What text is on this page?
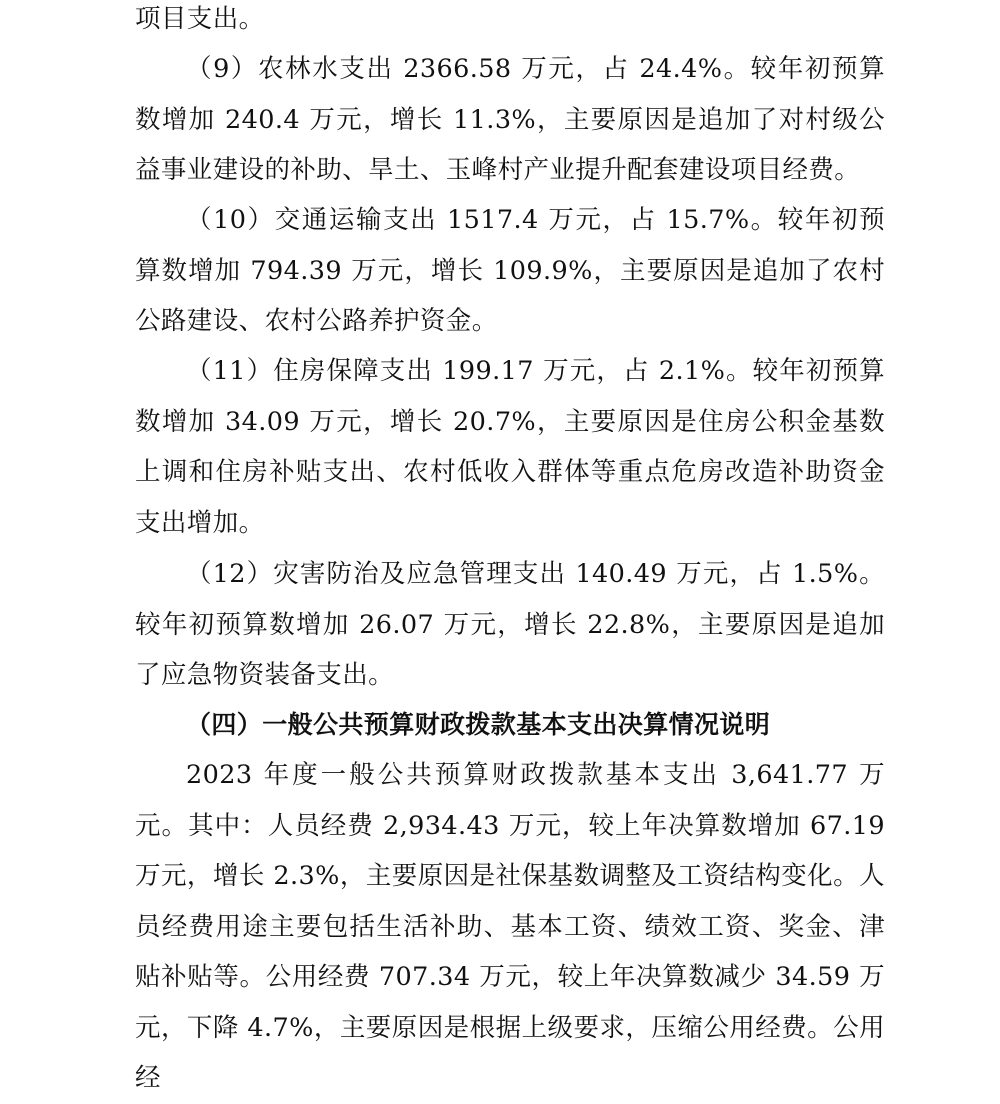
项目支出。

（9）农林水支出 2366.58 万元，占 24.4%。较年初预算数增加 240.4 万元，增长 11.3%，主要原因是追加了对村级公益事业建设的补助、旱土、玉峰村产业提升配套建设项目经费。

（10）交通运输支出 1517.4 万元，占 15.7%。较年初预算数增加 794.39 万元，增长 109.9%，主要原因是追加了农村公路建设、农村公路养护资金。

（11）住房保障支出 199.17 万元，占 2.1%。较年初预算数增加 34.09 万元，增长 20.7%，主要原因是住房公积金基数上调和住房补贴支出、农村低收入群体等重点危房改造补助资金支出增加。

（12）灾害防治及应急管理支出 140.49 万元，占 1.5%。较年初预算数增加 26.07 万元，增长 22.8%，主要原因是追加了应急物资装备支出。

（四）一般公共预算财政拨款基本支出决算情况说明

2023 年度一般公共预算财政拨款基本支出 3,641.77 万元。其中：人员经费 2,934.43 万元，较上年决算数增加 67.19 万元，增长 2.3%，主要原因是社保基数调整及工资结构变化。人员经费用途主要包括生活补助、基本工资、绩效工资、奖金、津贴补贴等。公用经费 707.34 万元，较上年决算数减少 34.59 万元，下降 4.7%，主要原因是根据上级要求，压缩公用经费。公用经
